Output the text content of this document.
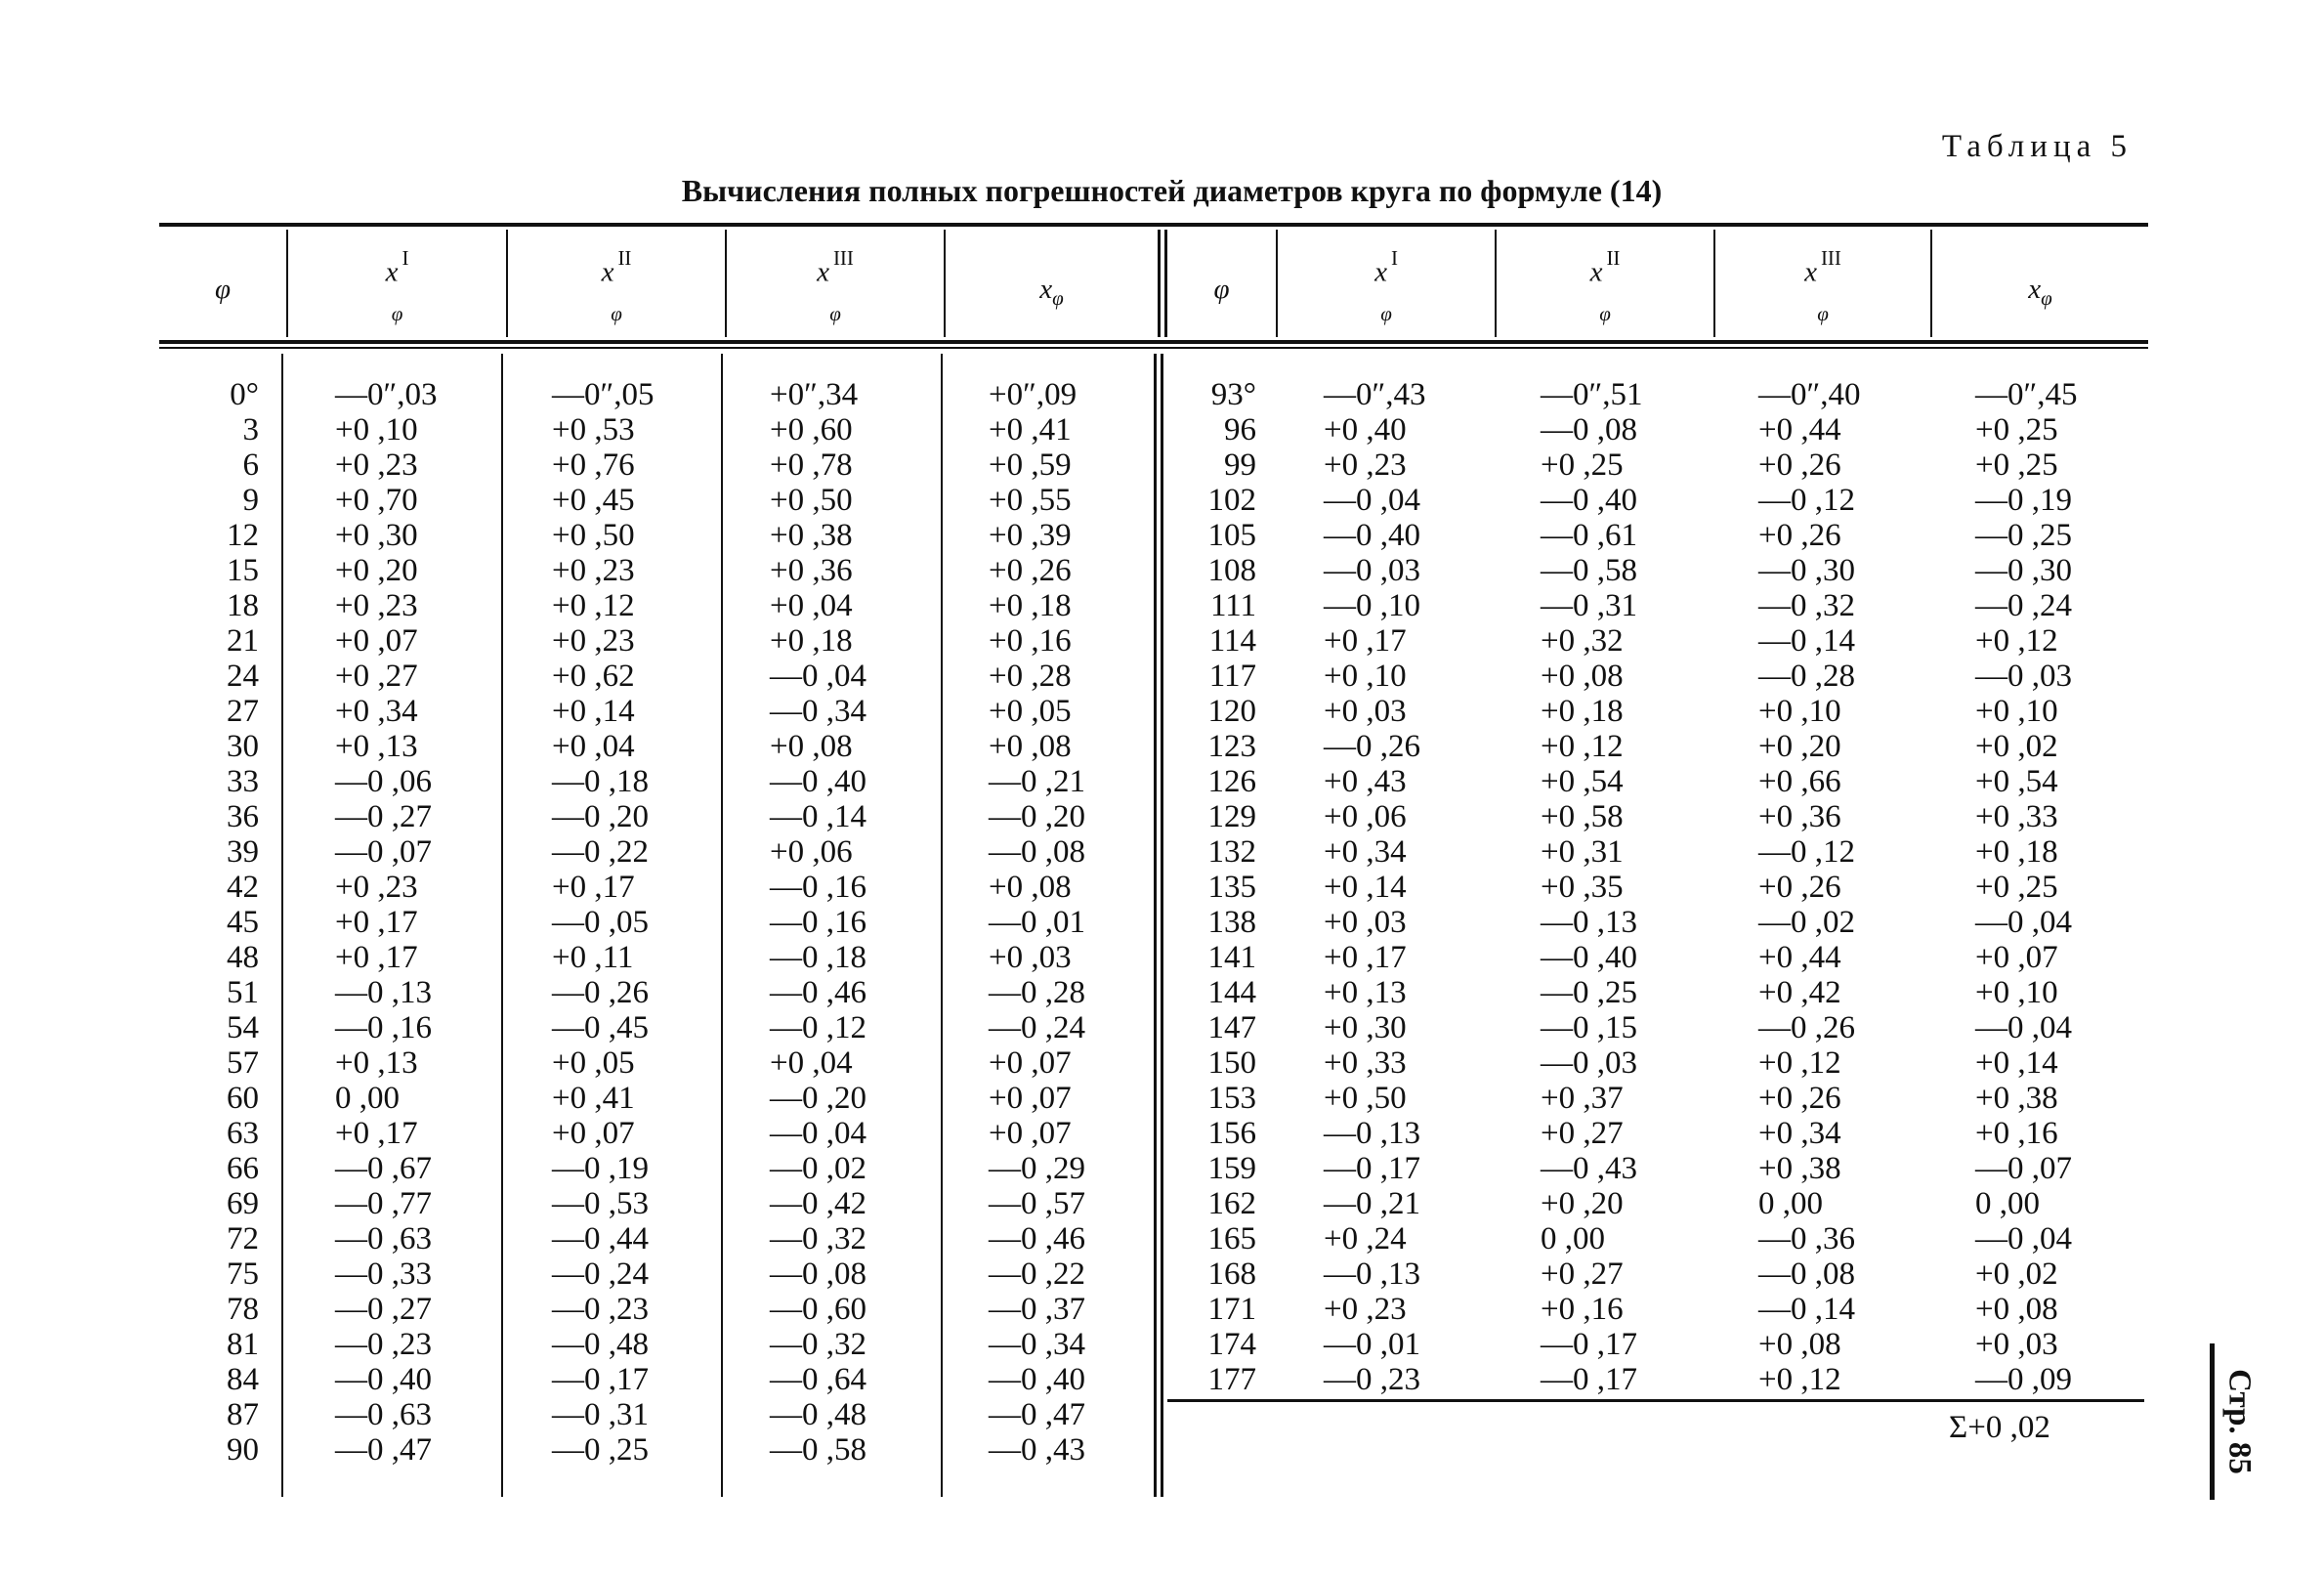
Таблица 5
Вычисления полных погрешностей диаметров круга по формуле (14)
φ
x $^I$
$_\varphi$
x $^{II}$
$_\varphi$
x $^{III}$
$_\varphi$
$x_\varphi$	φ
x $^I$
$_\varphi$
x $^{II}$
$_\varphi$
x $^{III}$
$_\varphi$
$x_\varphi$
0°
3
6
9
12
15
18
21
24
27
30
33
36
39
42
45
48
51
54
57
60
63
66
69
72
75
78
81
84
87
90
—0″,03
+0 ,10
+0 ,23
+0 ,70
+0 ,30
+0 ,20
+0 ,23
+0 ,07
+0 ,27
+0 ,34
+0 ,13
—0 ,06
—0 ,27
—0 ,07
+0 ,23
+0 ,17
+0 ,17
—0 ,13
—0 ,16
+0 ,13
0 ,00
+0 ,17
—0 ,67
—0 ,77
—0 ,63
—0 ,33
—0 ,27
—0 ,23
—0 ,40
—0 ,63
—0 ,47
—0″,05
+0 ,53
+0 ,76
+0 ,45
+0 ,50
+0 ,23
+0 ,12
+0 ,23
+0 ,62
+0 ,14
+0 ,04
—0 ,18
—0 ,20
—0 ,22
+0 ,17
—0 ,05
+0 ,11
—0 ,26
—0 ,45
+0 ,05
+0 ,41
+0 ,07
—0 ,19
—0 ,53
—0 ,44
—0 ,24
—0 ,23
—0 ,48
—0 ,17
—0 ,31
—0 ,25
+0″,34
+0 ,60
+0 ,78
+0 ,50
+0 ,38
+0 ,36
+0 ,04
+0 ,18
—0 ,04
—0 ,34
+0 ,08
—0 ,40
—0 ,14
+0 ,06
—0 ,16
—0 ,16
—0 ,18
—0 ,46
—0 ,12
+0 ,04
—0 ,20
—0 ,04
—0 ,02
—0 ,42
—0 ,32
—0 ,08
—0 ,60
—0 ,32
—0 ,64
—0 ,48
—0 ,58
+0″,09
+0 ,41
+0 ,59
+0 ,55
+0 ,39
+0 ,26
+0 ,18
+0 ,16
+0 ,28
+0 ,05
+0 ,08
—0 ,21
—0 ,20
—0 ,08
+0 ,08
—0 ,01
+0 ,03
—0 ,28
—0 ,24
+0 ,07
+0 ,07
+0 ,07
—0 ,29
—0 ,57
—0 ,46
—0 ,22
—0 ,37
—0 ,34
—0 ,40
—0 ,47
—0 ,43
93°
96
99
102
105
108
111
114
117
120
123
126
129
132
135
138
141
144
147
150
153
156
159
162
165
168
171
174
177
—0″,43
+0 ,40
+0 ,23
—0 ,04
—0 ,40
—0 ,03
—0 ,10
+0 ,17
+0 ,10
+0 ,03
—0 ,26
+0 ,43
+0 ,06
+0 ,34
+0 ,14
+0 ,03
+0 ,17
+0 ,13
+0 ,30
+0 ,33
+0 ,50
—0 ,13
—0 ,17
—0 ,21
+0 ,24
—0 ,13
+0 ,23
—0 ,01
—0 ,23
—0″,51
—0 ,08
+0 ,25
—0 ,40
—0 ,61
—0 ,58
—0 ,31
+0 ,32
+0 ,08
+0 ,18
+0 ,12
+0 ,54
+0 ,58
+0 ,31
+0 ,35
—0 ,13
—0 ,40
—0 ,25
—0 ,15
—0 ,03
+0 ,37
+0 ,27
—0 ,43
+0 ,20
0 ,00
+0 ,27
+0 ,16
—0 ,17
—0 ,17
—0″,40
+0 ,44
+0 ,26
—0 ,12
+0 ,26
—0 ,30
—0 ,32
—0 ,14
—0 ,28
+0 ,10
+0 ,20
+0 ,66
+0 ,36
—0 ,12
+0 ,26
—0 ,02
+0 ,44
+0 ,42
—0 ,26
+0 ,12
+0 ,26
+0 ,34
+0 ,38
0 ,00
—0 ,36
—0 ,08
—0 ,14
+0 ,08
+0 ,12
—0″,45
+0 ,25
+0 ,25
—0 ,19
—0 ,25
—0 ,30
—0 ,24
+0 ,12
—0 ,03
+0 ,10
+0 ,02
+0 ,54
+0 ,33
+0 ,18
+0 ,25
—0 ,04
+0 ,07
+0 ,10
—0 ,04
+0 ,14
+0 ,38
+0 ,16
—0 ,07
0 ,00
—0 ,04
+0 ,02
+0 ,08
+0 ,03
—0 ,09
Σ+0 ,02	Стр. 85
